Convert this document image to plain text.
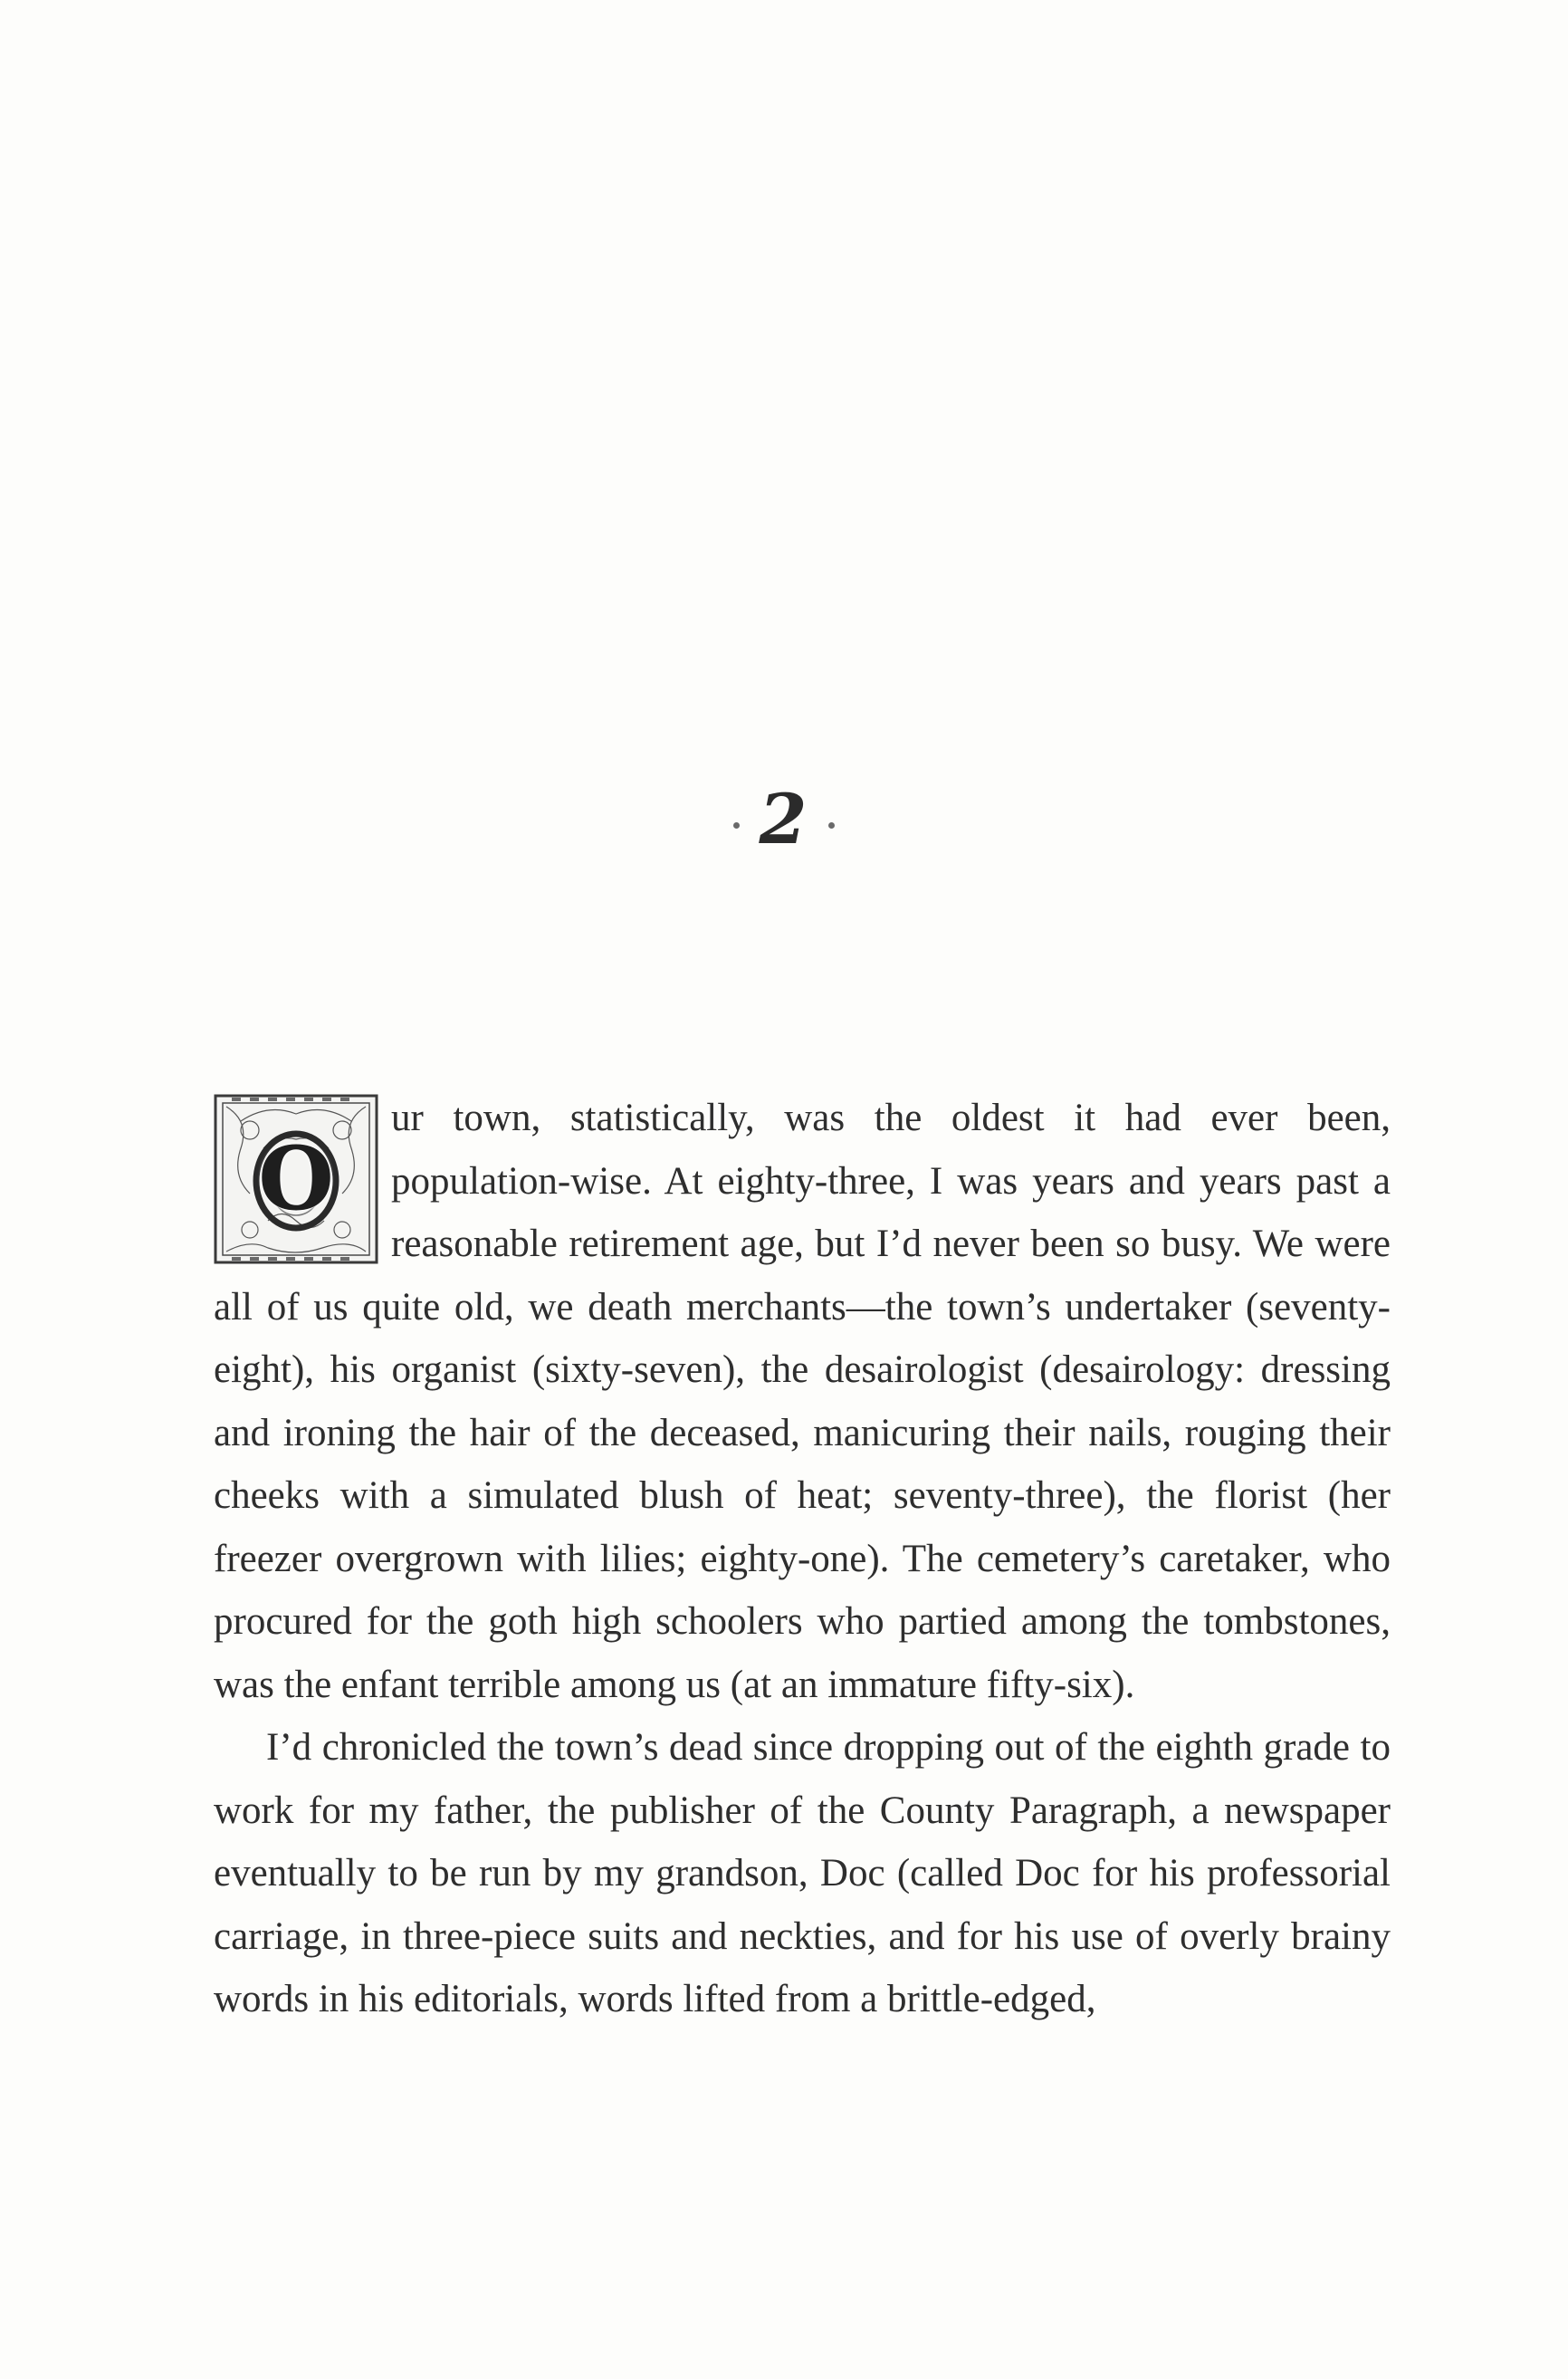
2

O
ur town, statistically, was the oldest it had ever been, population-wise. At eighty-three, I was years and years past a reasonable retirement age, but I’d never been so busy. We were all of us quite old, we death merchants—the town’s undertaker (seventy-eight), his organist (sixty-seven), the desairologist (desairology: dressing and ironing the hair of the deceased, manicuring their nails, rouging their cheeks with a simulated blush of heat; seventy-three), the florist (her freezer overgrown with lilies; eighty-one). The cemetery’s caretaker, who procured for the goth high schoolers who partied among the tombstones, was the enfant terrible among us (at an immature fifty-six).

I’d chronicled the town’s dead since dropping out of the eighth grade to work for my father, the publisher of the County Paragraph, a newspaper eventually to be run by my grandson, Doc (called Doc for his professorial carriage, in three-piece suits and neckties, and for his use of overly brainy words in his editorials, words lifted from a brittle-edged,
